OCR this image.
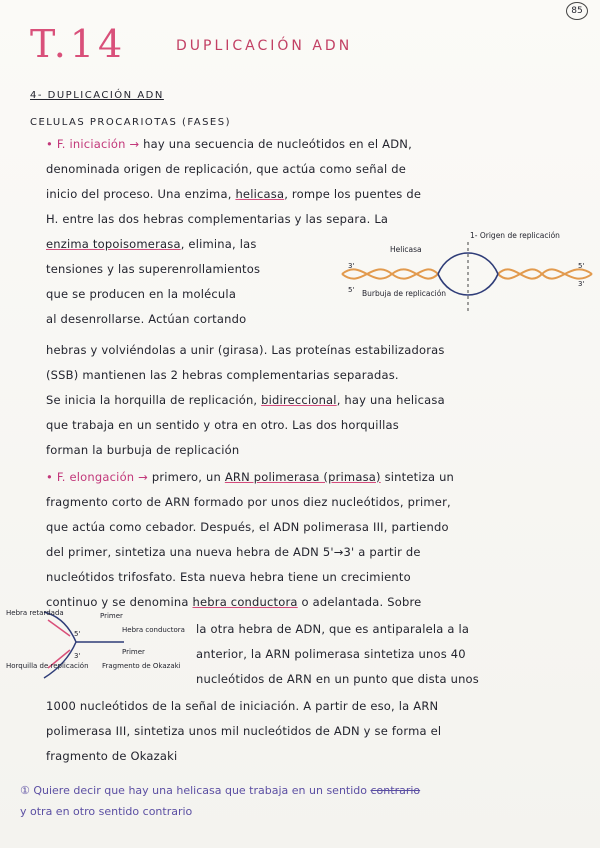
85
T.14	DUPLICACIÓN ADN
4- DUPLICACIÓN ADN
CELULAS PROCARIOTAS (FASES)
• F. iniciación → hay una secuencia de nucleótidos en el ADN,
denominada origen de replicación, que actúa como señal de
inicio del proceso. Una enzima, helicasa, rompe los puentes de
H. entre las dos hebras complementarias y las separa. La
enzima topoisomerasa, elimina, las
tensiones y las superenrollamientos
que se producen en la molécula
al desenrollarse. Actúan cortando
Helicasa
1- Origen de replicación
Burbuja de replicación
3'
5'
5'
3'
hebras y volviéndolas a unir (girasa). Las proteínas estabilizadoras
(SSB) mantienen las 2 hebras complementarias separadas.
Se inicia la horquilla de replicación, bidireccional, hay una helicasa
que trabaja en un sentido y otra en otro. Las dos horquillas
forman la burbuja de replicación
• F. elongación → primero, un ARN polimerasa (primasa) sintetiza un
fragmento corto de ARN formado por unos diez nucleótidos, primer,
que actúa como cebador. Después, el ADN polimerasa III, partiendo
del primer, sintetiza una nueva hebra de ADN 5'→3' a partir de
nucleótidos trifosfato. Esta nueva hebra tiene un crecimiento
continuo y se denomina hebra conductora o adelantada. Sobre
Hebra retardada	Primer
Hebra conductora
Primer
Fragmento de Okazaki
Horquilla de replicación
5'
3'
la otra hebra de ADN, que es antiparalela a la
anterior, la ARN polimerasa sintetiza unos 40
nucleótidos de ARN en un punto que dista unos
1000 nucleótidos de la señal de iniciación. A partir de eso, la ARN
polimerasa III, sintetiza unos mil nucleótidos de ADN y se forma el
fragmento de Okazaki
① Quiere decir que hay una helicasa que trabaja en un sentido contrario
y otra en otro sentido contrario
